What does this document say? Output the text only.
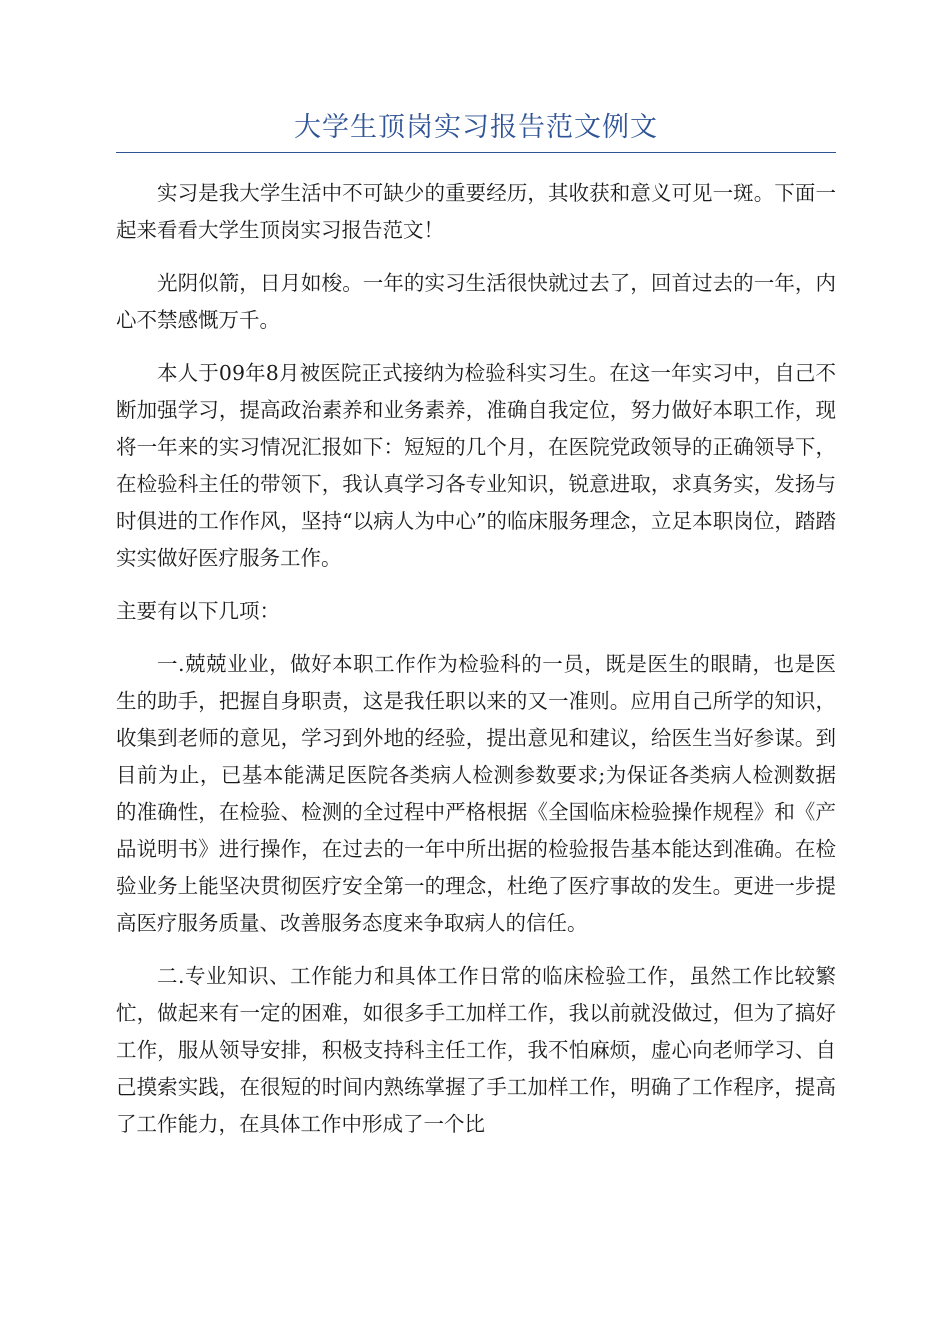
大学生顶岗实习报告范文例文

实习是我大学生活中不可缺少的重要经历，其收获和意义可见一斑。下面一起来看看大学生顶岗实习报告范文！

光阴似箭，日月如梭。一年的实习生活很快就过去了，回首过去的一年，内心不禁感慨万千。

本人于09年8月被医院正式接纳为检验科实习生。在这一年实习中，自己不断加强学习，提高政治素养和业务素养，准确自我定位，努力做好本职工作，现将一年来的实习情况汇报如下：短短的几个月，在医院党政领导的正确领导下，在检验科主任的带领下，我认真学习各专业知识，锐意进取，求真务实，发扬与时俱进的工作作风，坚持“以病人为中心”的临床服务理念，立足本职岗位，踏踏实实做好医疗服务工作。

主要有以下几项：

一.兢兢业业，做好本职工作作为检验科的一员，既是医生的眼睛，也是医生的助手，把握自身职责，这是我任职以来的又一准则。应用自己所学的知识，收集到老师的意见，学习到外地的经验，提出意见和建议，给医生当好参谋。到目前为止，已基本能满足医院各类病人检测参数要求;为保证各类病人检测数据的准确性，在检验、检测的全过程中严格根据《全国临床检验操作规程》和《产品说明书》进行操作，在过去的一年中所出据的检验报告基本能达到准确。在检验业务上能坚决贯彻医疗安全第一的理念，杜绝了医疗事故的发生。更进一步提高医疗服务质量、改善服务态度来争取病人的信任。

二.专业知识、工作能力和具体工作日常的临床检验工作，虽然工作比较繁忙，做起来有一定的困难，如很多手工加样工作，我以前就没做过，但为了搞好工作，服从领导安排，积极支持科主任工作，我不怕麻烦，虚心向老师学习、自己摸索实践，在很短的时间内熟练掌握了手工加样工作，明确了工作程序，提高了工作能力，在具体工作中形成了一个比
